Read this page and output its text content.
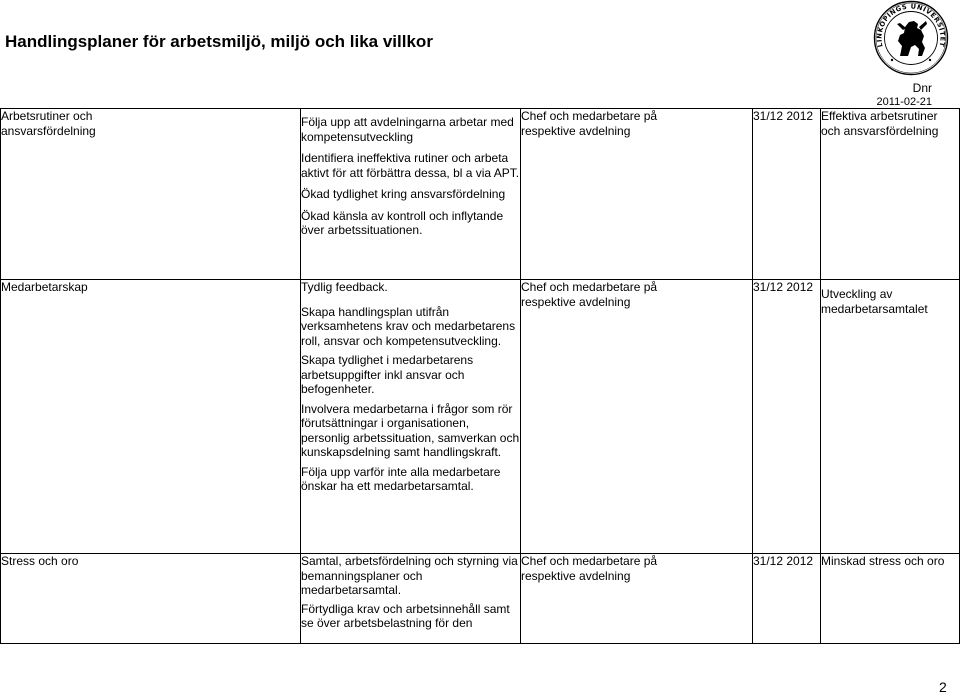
Handlingsplaner för arbetsmiljö, miljö och lika villkor	LINKÖPINGS UNIVERSITET
Dnr
2011-02-21
Arbetsrutiner och ansvarsfördelning	Följa upp att avdelningarna arbetar med kompetensutveckling

Identifiera ineffektiva rutiner och arbeta aktivt för att förbättra dessa, bl a via APT.

Ökad tydlighet kring ansvarsfördelning

Ökad känsla av kontroll och inflytande över arbetssituationen.	Chef och medarbetare på respektive avdelning	31/12 2012	Effektiva arbetsrutiner och ansvarsfördelning

Medarbetarskap	Tydlig feedback.

Skapa handlingsplan utifrån verksamhetens krav och medarbetarens roll, ansvar och kompetensutveckling.

Skapa tydlighet i medarbetarens arbetsuppgifter inkl ansvar och befogenheter.

Involvera medarbetarna i frågor som rör förutsättningar i organisationen, personlig arbetssituation, samverkan och kunskapsdelning samt handlingskraft.

Följa upp varför inte alla medarbetare önskar ha ett medarbetarsamtal.	Chef och medarbetare på respektive avdelning	31/12 2012	Utveckling av medarbetarsamtalet

Stress och oro	Samtal, arbetsfördelning och styrning via bemanningsplaner och medarbetarsamtal.

Förtydliga krav och arbetsinnehåll samt se över arbetsbelastning för den	Chef och medarbetare på respektive avdelning	31/12 2012	Minskad stress och oro
2
